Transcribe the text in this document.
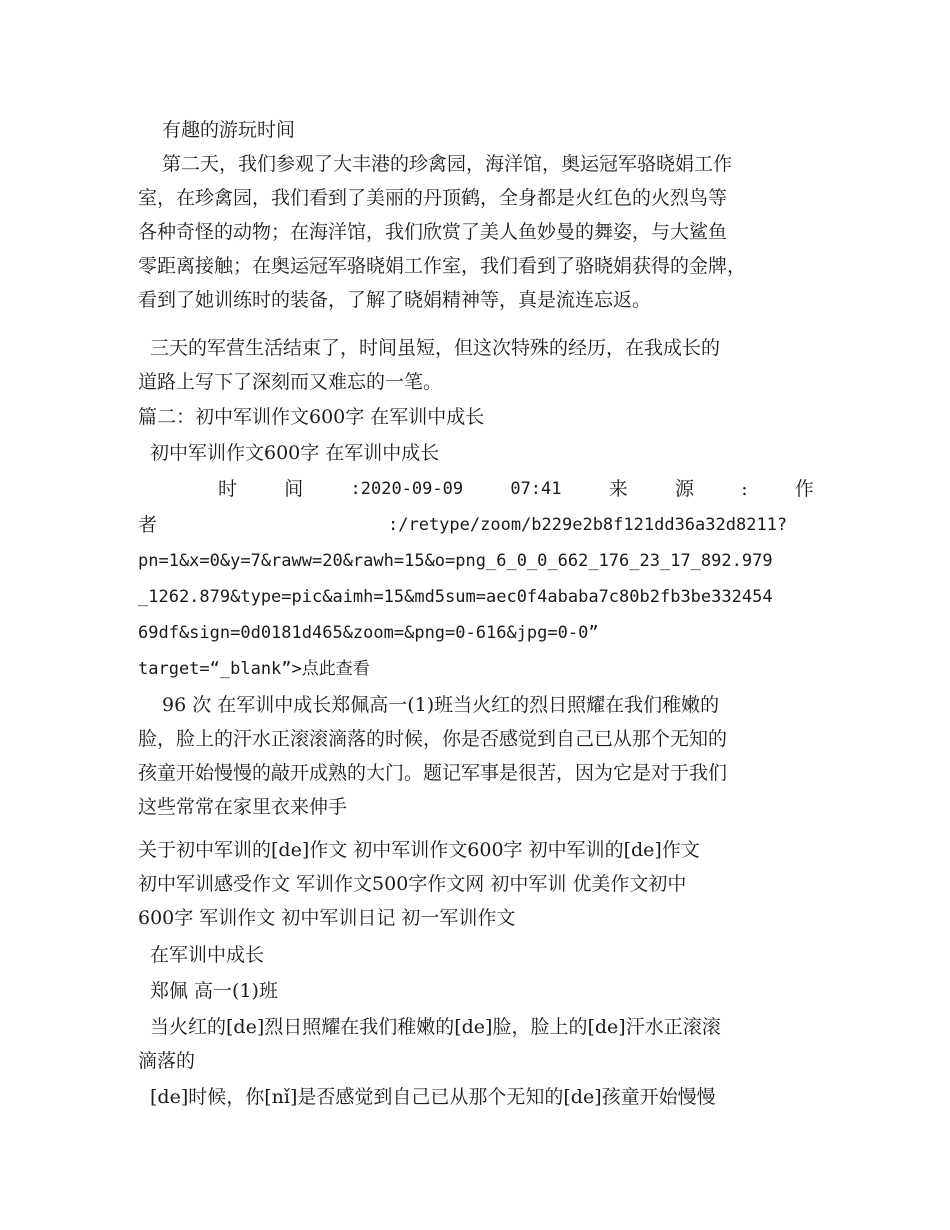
有趣的游玩时间
第二天，我们参观了大丰港的珍禽园，海洋馆，奥运冠军骆晓娟工作
室，在珍禽园，我们看到了美丽的丹顶鹤，全身都是火红色的火烈鸟等
各种奇怪的动物；在海洋馆，我们欣赏了美人鱼妙曼的舞姿，与大鲨鱼
零距离接触；在奥运冠军骆晓娟工作室，我们看到了骆晓娟获得的金牌，
看到了她训练时的装备，了解了晓娟精神等，真是流连忘返。
三天的军营生活结束了，时间虽短，但这次特殊的经历，在我成长的
道路上写下了深刻而又难忘的一笔。
篇二：初中军训作文600字 在军训中成长
初中军训作文600字 在军训中成长
时 间	:2020-09-09	07:41 来 源 : 作
者	:/retype/zoom/b229e2b8f121dd36a32d8211?
pn=1&x=0&y=7&raww=20&rawh=15&o=png_6_0_0_662_176_23_17_892.979
_1262.879&type=pic&aimh=15&md5sum=aec0f4ababa7c80b2fb3be332454
69df&sign=0d0181d465&zoom=&png=0-616&jpg=0-0”
target=“_blank”>点此查看
96 次 在军训中成长郑佩高一(1)班当火红的烈日照耀在我们稚嫩的
脸，脸上的汗水正滚滚滴落的时候，你是否感觉到自己已从那个无知的
孩童开始慢慢的敲开成熟的大门。题记军事是很苦，因为它是对于我们
这些常常在家里衣来伸手
关于初中军训的[de]作文 初中军训作文600字 初中军训的[de]作文
初中军训感受作文 军训作文500字作文网 初中军训 优美作文初中
600字 军训作文 初中军训日记 初一军训作文
在军训中成长
郑佩 高一(1)班
当火红的[de]烈日照耀在我们稚嫩的[de]脸，脸上的[de]汗水正滚滚
滴落的
[de]时候，你[nǐ]是否感觉到自己已从那个无知的[de]孩童开始慢慢
